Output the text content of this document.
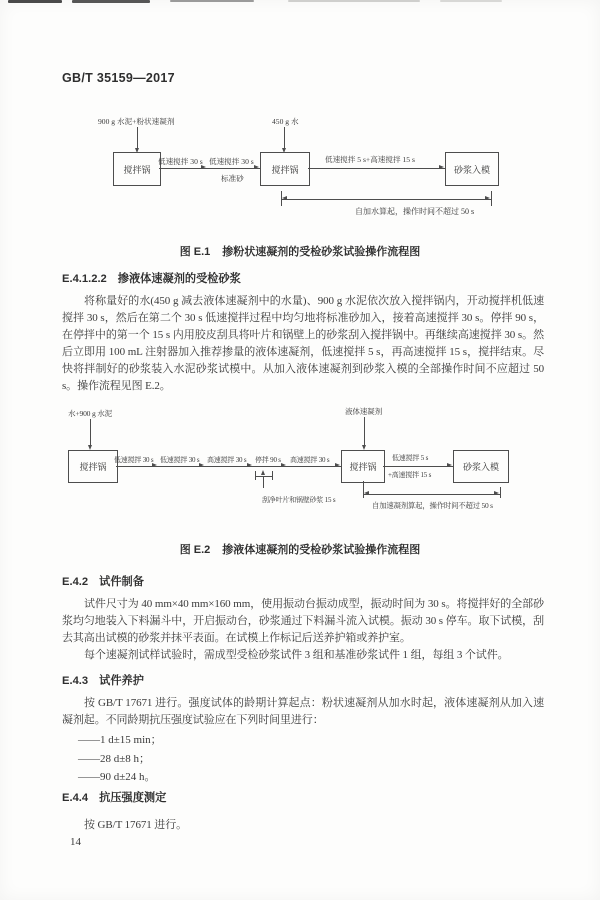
GB/T 35159—2017
900 g 水泥+粉状速凝剂	450 g 水
搅拌锅
低速搅拌 30 s 低速搅拌 30 s
标准砂
搅拌锅
低速搅拌 5 s+高速搅拌 15 s
砂浆入模
自加水算起，操作时间不超过 50 s
图 E.1 掺粉状速凝剂的受检砂浆试验操作流程图
E.4.1.2.2 掺液体速凝剂的受检砂浆
将称量好的水(450 g 减去液体速凝剂中的水量)、900 g 水泥依次放入搅拌锅内，开动搅拌机低速搅拌 30 s，然后在第二个 30 s 低速搅拌过程中均匀地将标准砂加入，接着高速搅拌 30 s。停拌 90 s，在停拌中的第一个 15 s 内用胶皮刮具将叶片和锅壁上的砂浆刮入搅拌锅中。再继续高速搅拌 30 s。然后立即用 100 mL 注射器加入推荐掺量的液体速凝剂，低速搅拌 5 s，再高速搅拌 15 s，搅拌结束。尽快将拌制好的砂浆装入水泥砂浆试模中。从加入液体速凝剂到砂浆入模的全部操作时间不应超过 50 s。操作流程见图 E.2。
水+900 g 水泥
搅拌锅
低速搅拌 30 s 低速搅拌 30 s 高速搅拌 30 s 停拌 90 s 高速搅拌 30 s
刮净叶片和锅壁砂浆 15 s
液体速凝剂
搅拌锅
低速搅拌 5 s
+高速搅拌 15 s
砂浆入模
自加速凝剂算起，操作时间不超过 50 s
图 E.2 掺液体速凝剂的受检砂浆试验操作流程图
E.4.2 试件制备
试件尺寸为 40 mm×40 mm×160 mm，使用振动台振动成型，振动时间为 30 s。将搅拌好的全部砂浆均匀地装入下料漏斗中，开启振动台，砂浆通过下料漏斗流入试模。振动 30 s 停车。取下试模，刮去其高出试模的砂浆并抹平表面。在试模上作标记后送养护箱或养护室。
每个速凝剂试样试验时，需成型受检砂浆试件 3 组和基准砂浆试件 1 组，每组 3 个试件。
E.4.3 试件养护
按 GB/T 17671 进行。强度试体的龄期计算起点：粉状速凝剂从加水时起，液体速凝剂从加入速凝剂起。不同龄期抗压强度试验应在下列时间里进行：
——1 d±15 min；
——28 d±8 h；
——90 d±24 h。
E.4.4 抗压强度测定
按 GB/T 17671 进行。
14
